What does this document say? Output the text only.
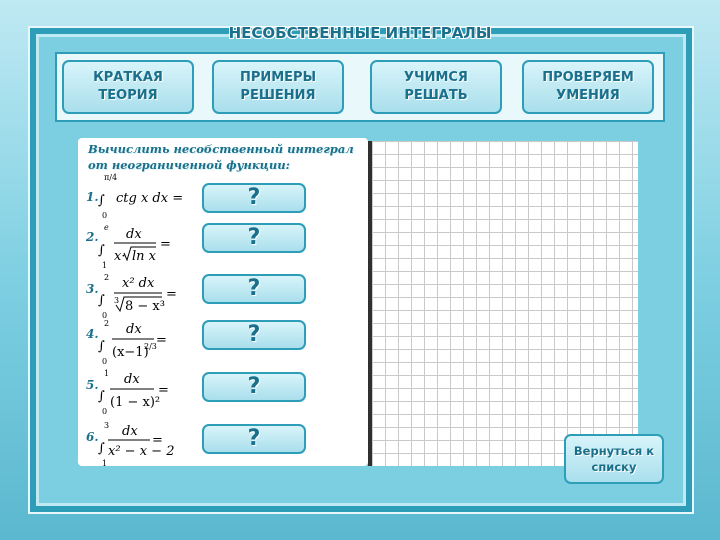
НЕСОБСТВЕННЫЕ ИНТЕГРАЛЫ
КРАТКАЯ
ТЕОРИЯ
ПРИМЕРЫ
РЕШЕНИЯ
УЧИМСЯ
РЕШАТЬ
ПРОВЕРЯЕМ
УМЕНИЯ
Вычислить несобственный интеграл от неограниченной функции:
1.
π/4
∫
0
ctg x dx =	?
2.
e
∫
1
dx
x· ln x
=	?
3.
2
∫
0
x² dx
3 8 − x³
=	?
4.
2
∫
0
dx
(x−1)
2/3 =	?
5.
1
∫
0
dx
(1 − x)²
=	?
6.
3
∫
1
dx
x² − x − 2
=	?	Вернуться к
списку
